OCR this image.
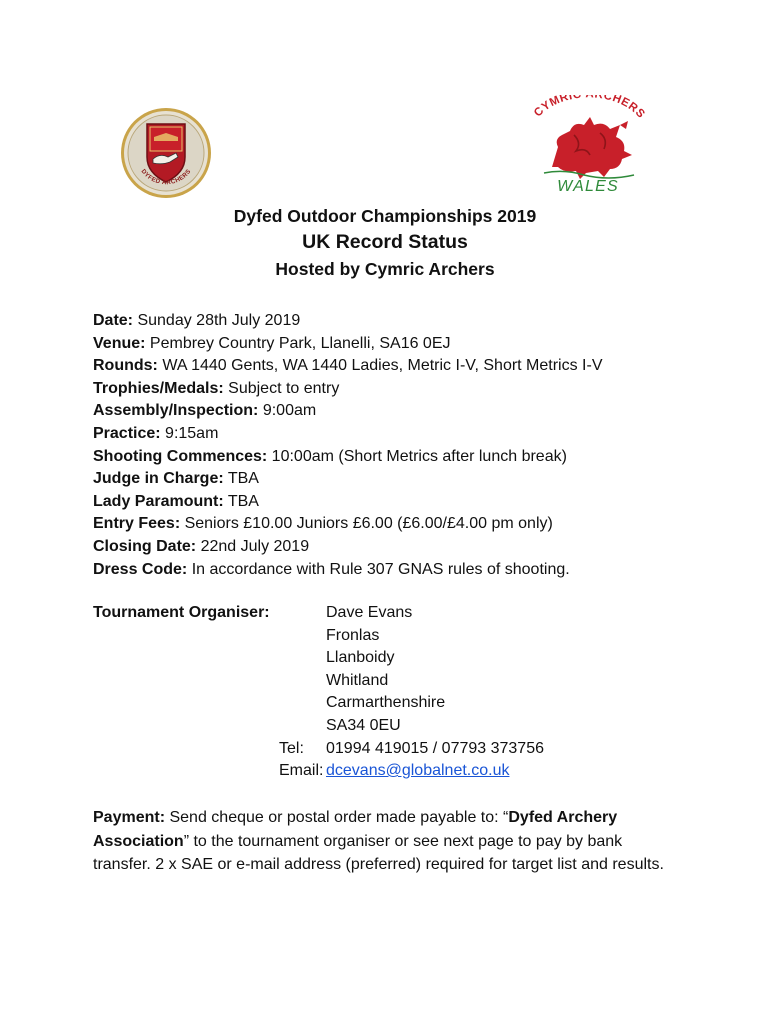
DYFED ARCHERS
CYMRIC CHERS
WALES
Dyfed Outdoor Championships 2019
UK Record Status
Hosted by Cymric Archers
Date: Sunday 28th July 2019
Venue: Pembrey Country Park, Llanelli, SA16 0EJ
Rounds: WA 1440 Gents, WA 1440 Ladies, Metric I-V, Short Metrics I-V
Trophies/Medals: Subject to entry
Assembly/Inspection: 9:00am
Practice: 9:15am
Shooting Commences: 10:00am (Short Metrics after lunch break)
Judge in Charge: TBA
Lady Paramount: TBA
Entry Fees: Seniors £10.00 Juniors £6.00 (£6.00/£4.00 pm only)
Closing Date: 22nd July 2019
Dress Code: In accordance with Rule 307 GNAS rules of shooting.
Tournament Organiser:	Dave Evans
Fronlas
Llanboidy
Whitland
Carmarthenshire
SA34 0EU
Tel: 01994 419015 / 07793 373756
Email: dcevans@globalnet.co.uk
Payment: Send cheque or postal order made payable to: “Dyfed Archery Association” to the tournament organiser or see next page to pay by bank transfer. 2 x SAE or e-mail address (preferred) required for target list and results.
